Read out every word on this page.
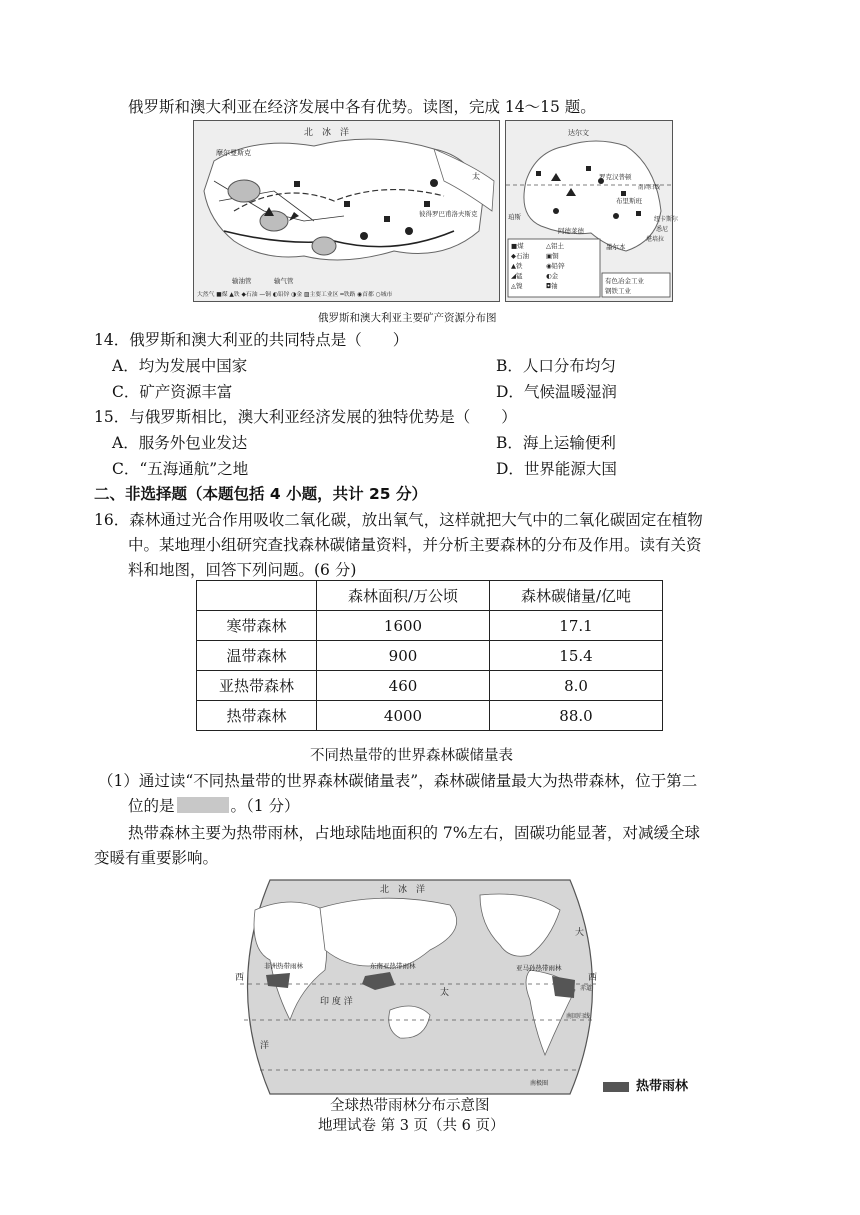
俄罗斯和澳大利亚在经济发展中各有优势。读图，完成 14～15 题。
北　冰　洋
摩尔曼斯克
太
彼得罗巴甫洛夫斯克
输油管	输气管
大然气 ■煤 ▲铁 ◆石油 —铜 ◐铅锌 ◑金 ▨主要工业区 ━铁路 ◉首都 ○城市
达尔文
罗克汉普顿
南回归线
布里斯班
珀斯	纽卡斯尔
悉尼
阿德莱德
堪培拉
墨尔本
■煤	△铝土
◆石油	▣铜
▲铁	◉铅锌
◢锰	◐金
◬镍	◘铀
有色冶金工业
钢铁工业
俄罗斯和澳大利亚主要矿产资源分布图
14．俄罗斯和澳大利亚的共同特点是（　　）
A．均为发展中国家	B．人口分布均匀
C．矿产资源丰富	D．气候温暖湿润
15．与俄罗斯相比，澳大利亚经济发展的独特优势是（　　）
A．服务外包业发达	B．海上运输便利
C．“五海通航”之地	D．世界能源大国
二、非选择题（本题包括 4 小题，共计 25 分）
16．森林通过光合作用吸收二氧化碳，放出氧气，这样就把大气中的二氧化碳固定在植物
中。某地理小组研究查找森林碳储量资料，并分析主要森林的分布及作用。读有关资
料和地图，回答下列问题。(6 分)
	森林面积/万公顷	森林碳储量/亿吨
寒带森林	1600	17.1
温带森林	900	15.4
亚热带森林	460	8.0
热带森林	4000	88.0
不同热量带的世界森林碳储量表
（1）通过读“不同热量带的世界森林碳储量表”，森林碳储量最大为热带森林，位于第二
位的是	。（1 分）
热带森林主要为热带雨林，占地球陆地面积的 7%左右，固碳功能显著，对减缓全球
变暖有重要影响。
北　冰　洋
西
印 度 洋
太
大
西
洋
南回归线
赤道
南极圈
非洲热带雨林	东南亚热带雨林	亚马孙热带雨林
热带雨林
全球热带雨林分布示意图
地理试卷 第 3 页（共 6 页）
